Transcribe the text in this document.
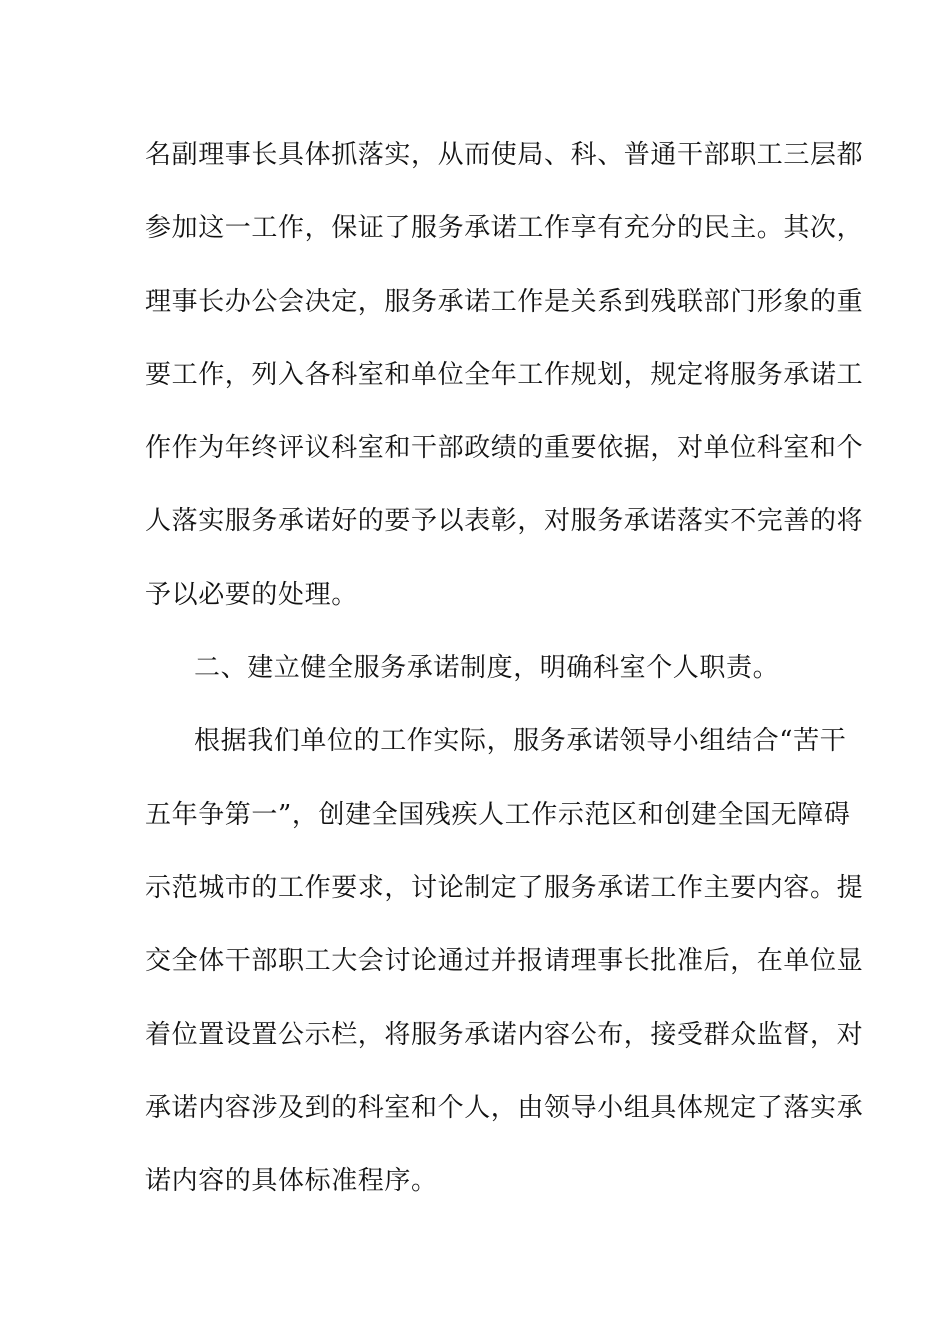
名副理事长具体抓落实，从而使局、科、普通干部职工三层都
参加这一工作，保证了服务承诺工作享有充分的民主。其次，
理事长办公会决定，服务承诺工作是关系到残联部门形象的重
要工作，列入各科室和单位全年工作规划，规定将服务承诺工
作作为年终评议科室和干部政绩的重要依据，对单位科室和个
人落实服务承诺好的要予以表彰，对服务承诺落实不完善的将
予以必要的处理。
二、建立健全服务承诺制度，明确科室个人职责。
根据我们单位的工作实际，服务承诺领导小组结合“苦干
五年争第一”，创建全国残疾人工作示范区和创建全国无障碍
示范城市的工作要求，讨论制定了服务承诺工作主要内容。提
交全体干部职工大会讨论通过并报请理事长批准后，在单位显
着位置设置公示栏，将服务承诺内容公布，接受群众监督，对
承诺内容涉及到的科室和个人，由领导小组具体规定了落实承
诺内容的具体标准程序。
